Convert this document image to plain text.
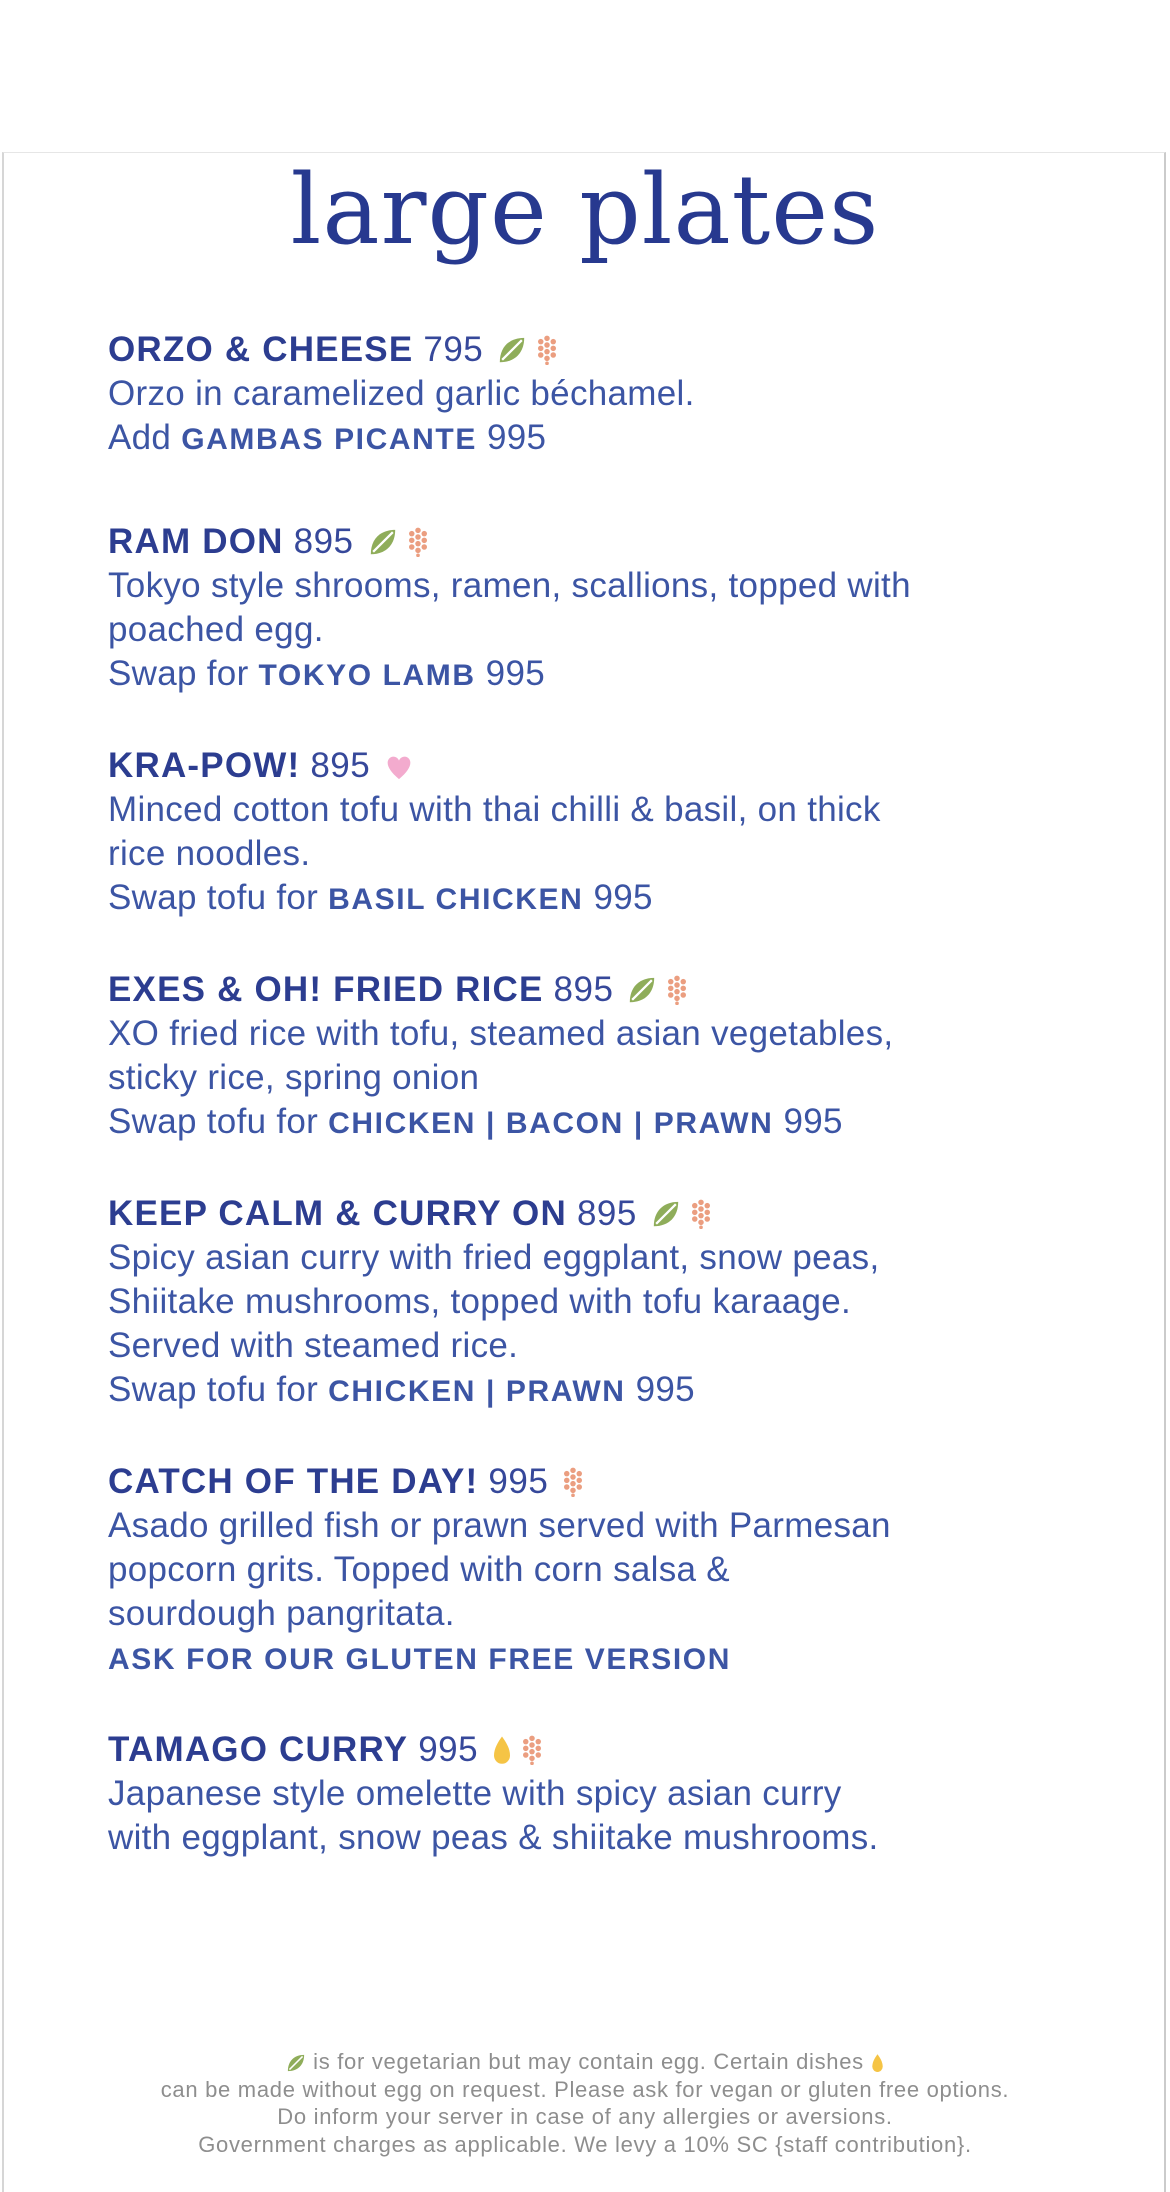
large plates
ORZO & CHEESE 795
Orzo in caramelized garlic béchamel.
Add GAMBAS PICANTE 995
RAM DON 895
Tokyo style shrooms, ramen, scallions, topped with
poached egg.
Swap for TOKYO LAMB 995
KRA-POW! 895
Minced cotton tofu with thai chilli & basil, on thick
rice noodles.
Swap tofu for BASIL CHICKEN 995
EXES & OH! FRIED RICE 895
XO fried rice with tofu, steamed asian vegetables,
sticky rice, spring onion
Swap tofu for CHICKEN | BACON | PRAWN 995
KEEP CALM & CURRY ON 895
Spicy asian curry with fried eggplant, snow peas,
Shiitake mushrooms, topped with tofu karaage.
Served with steamed rice.
Swap tofu for CHICKEN | PRAWN 995
CATCH OF THE DAY! 995
Asado grilled fish or prawn served with Parmesan
popcorn grits. Topped with corn salsa &
sourdough pangritata.
ASK FOR OUR GLUTEN FREE VERSION
TAMAGO CURRY 995
Japanese style omelette with spicy asian curry
with eggplant, snow peas & shiitake mushrooms.
is for vegetarian but may contain egg. Certain dishes
can be made without egg on request. Please ask for vegan or gluten free options.
Do inform your server in case of any allergies or aversions.
Government charges as applicable. We levy a 10% SC {staff contribution}.
